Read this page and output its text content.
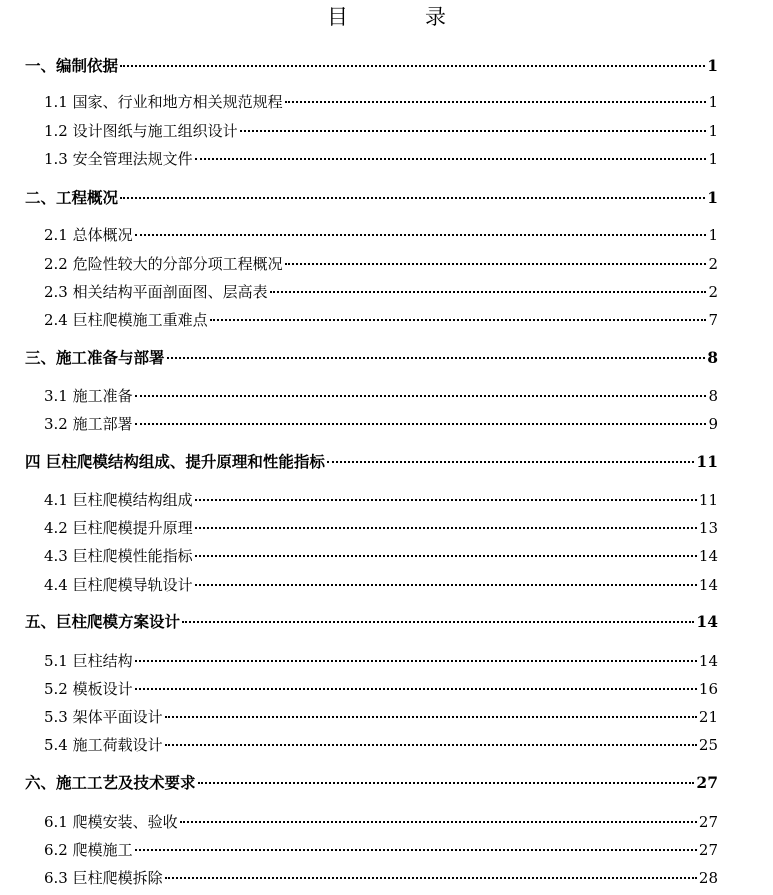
目　录
一、编制依据	1
1.1 国家、行业和地方相关规范规程	1
1.2 设计图纸与施工组织设计	1
1.3 安全管理法规文件	1
二、工程概况	1
2.1 总体概况	1
2.2 危险性较大的分部分项工程概况	2
2.3 相关结构平面剖面图、层高表	2
2.4 巨柱爬模施工重难点	7
三、施工准备与部署	8
3.1 施工准备	8
3.2 施工部署	9
四 巨柱爬模结构组成、提升原理和性能指标	11
4.1 巨柱爬模结构组成	11
4.2 巨柱爬模提升原理	13
4.3 巨柱爬模性能指标	14
4.4 巨柱爬模导轨设计	14
五、巨柱爬模方案设计	14
5.1 巨柱结构	14
5.2 模板设计	16
5.3 架体平面设计	21
5.4 施工荷载设计	25
六、施工工艺及技术要求	27
6.1 爬模安装、验收	27
6.2 爬模施工	27
6.3 巨柱爬模拆除	28
